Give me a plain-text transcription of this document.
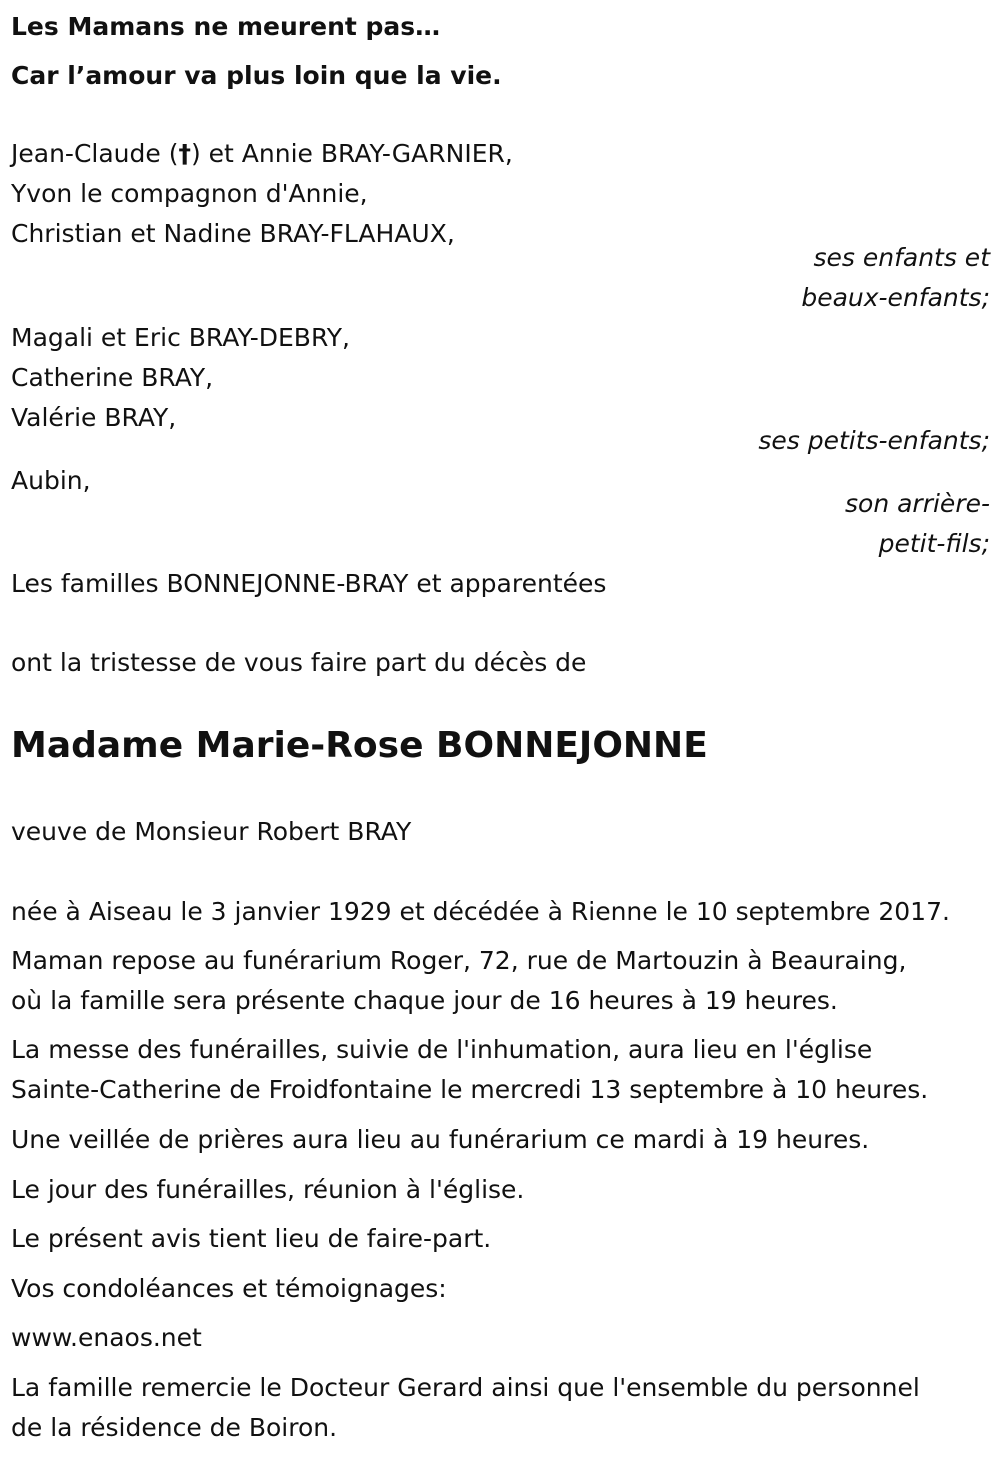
Les Mamans ne meurent pas…
Car l’amour va plus loin que la vie.
Jean-Claude (†) et Annie BRAY-GARNIER,
Yvon le compagnon d'Annie,
Christian et Nadine BRAY-FLAHAUX,
ses enfants et
beaux-enfants;
Magali et Eric BRAY-DEBRY,
Catherine BRAY,
Valérie BRAY,
ses petits-enfants;
Aubin,
son arrière-
petit-fils;
Les familles BONNEJONNE-BRAY et apparentées
ont la tristesse de vous faire part du décès de
Madame Marie-Rose BONNEJONNE
veuve de Monsieur Robert BRAY
née à Aiseau le 3 janvier 1929 et décédée à Rienne le 10 septembre 2017.
Maman repose au funérarium Roger, 72, rue de Martouzin à Beauraing,
où la famille sera présente chaque jour de 16 heures à 19 heures.
La messe des funérailles, suivie de l'inhumation, aura lieu en l'église
Sainte-Catherine de Froidfontaine le mercredi 13 septembre à 10 heures.
Une veillée de prières aura lieu au funérarium ce mardi à 19 heures.
Le jour des funérailles, réunion à l'église.
Le présent avis tient lieu de faire-part.
Vos condoléances et témoignages:
www.enaos.net
La famille remercie le Docteur Gerard ainsi que l'ensemble du personnel
de la résidence de Boiron.
